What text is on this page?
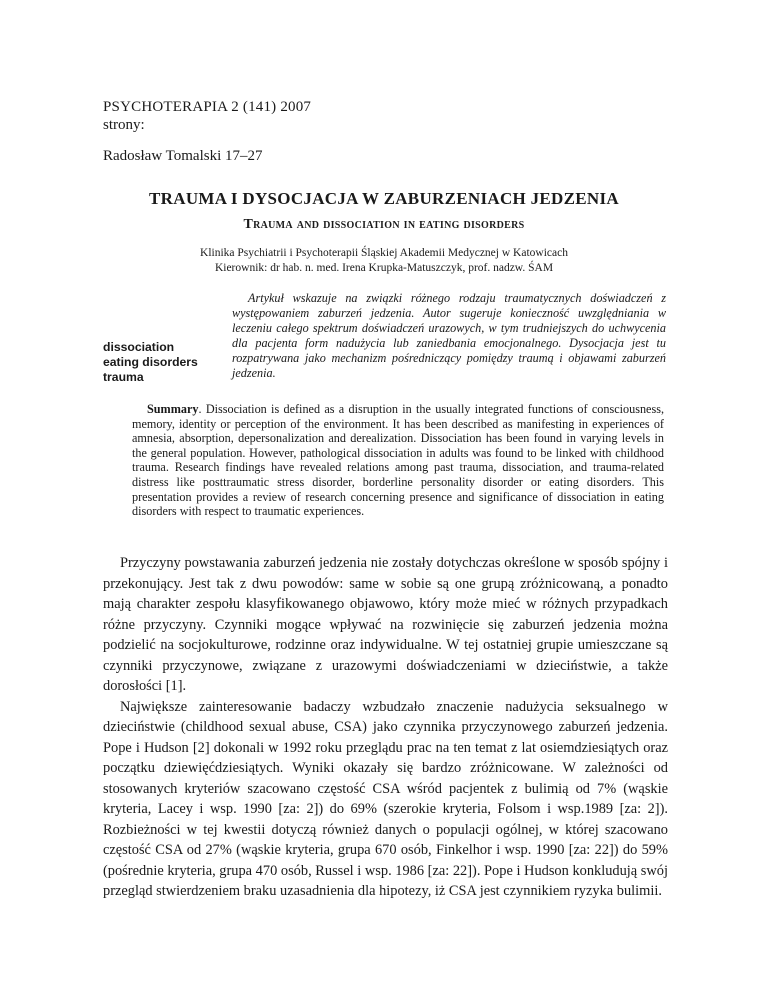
PSYCHOTERAPIA 2 (141) 2007
strony:
Radosław Tomalski 17–27
TRAUMA I DYSOCJACJA W ZABURZENIACH JEDZENIA
Trauma and dissociation in eating disorders
Klinika Psychiatrii i Psychoterapii Śląskiej Akademii Medycznej w Katowicach
Kierownik: dr hab. n. med. Irena Krupka-Matuszczyk, prof. nadzw. ŚAM
dissociation
eating disorders
trauma
Artykuł wskazuje na związki różnego rodzaju traumatycznych doświadczeń z występowaniem zaburzeń jedzenia. Autor sugeruje konieczność uwzględniania w leczeniu całego spektrum doświadczeń urazowych, w tym trudniejszych do uchwycenia dla pacjenta form nadużycia lub zaniedbania emocjonalnego. Dysocjacja jest tu rozpatrywana jako mechanizm pośredniczący pomiędzy traumą i objawami zaburzeń jedzenia.
Summary. Dissociation is defined as a disruption in the usually integrated functions of consciousness, memory, identity or perception of the environment. It has been described as manifesting in experiences of amnesia, absorption, depersonalization and derealization. Dissociation has been found in varying levels in the general population. However, pathological dissociation in adults was found to be linked with childhood trauma. Research findings have revealed relations among past trauma, dissociation, and trauma-related distress like posttraumatic stress disorder, borderline personality disorder or eating disorders. This presentation provides a review of research concerning presence and significance of dissociation in eating disorders with respect to traumatic experiences.

Przyczyny powstawania zaburzeń jedzenia nie zostały dotychczas określone w sposób spójny i przekonujący. Jest tak z dwu powodów: same w sobie są one grupą zróżnicowaną, a ponadto mają charakter zespołu klasyfikowanego objawowo, który może mieć w różnych przypadkach różne przyczyny. Czynniki mogące wpływać na rozwinięcie się zaburzeń jedzenia można podzielić na socjokulturowe, rodzinne oraz indywidualne. W tej ostatniej grupie umieszczane są czynniki przyczynowe, związane z urazowymi doświadczeniami w dzieciństwie, a także dorosłości [1].

Największe zainteresowanie badaczy wzbudzało znaczenie nadużycia seksualnego w dzieciństwie (childhood sexual abuse, CSA) jako czynnika przyczynowego zaburzeń jedzenia. Pope i Hudson [2] dokonali w 1992 roku przeglądu prac na ten temat z lat osiemdziesiątych oraz początku dziewięćdziesiątych. Wyniki okazały się bardzo zróżnicowane. W zależności od stosowanych kryteriów szacowano częstość CSA wśród pacjentek z bulimią od 7% (wąskie kryteria, Lacey i wsp. 1990 [za: 2]) do 69% (szerokie kryteria, Folsom i wsp.1989 [za: 2]). Rozbieżności w tej kwestii dotyczą również danych o populacji ogólnej, w której szacowano częstość CSA od 27% (wąskie kryteria, grupa 670 osób, Finkelhor i wsp. 1990 [za: 22]) do 59% (pośrednie kryteria, grupa 470 osób, Russel i wsp. 1986 [za: 22]). Pope i Hudson konkludują swój przegląd stwierdzeniem braku uzasadnienia dla hipotezy, iż CSA jest czynnikiem ryzyka bulimii.
